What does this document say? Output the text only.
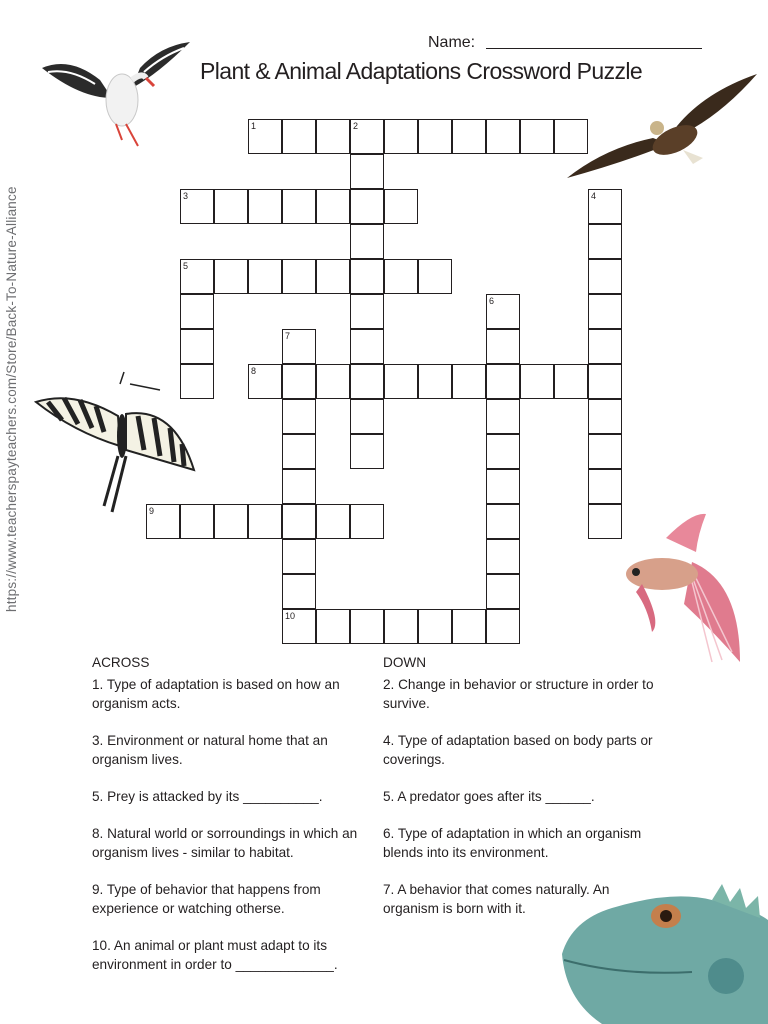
Name:
Plant & Animal Adaptations Crossword Puzzle
https://www.teacherspayteachers.com/Store/Back-To-Nature-Alliance
1	2
3	4
5
6
7
8
9
10
ACROSS
1. Type of adaptation is based on how an organism acts.
3. Environment or natural home that an organism lives.
5. Prey is attacked by its __________.
8. Natural world or sorroundings in which an organism lives - similar to habitat.
9. Type of behavior that happens from experience or watching otherse.
10. An animal or plant must adapt to its environment in order to _____________.
DOWN
2. Change in behavior or structure in order to survive.
4. Type of adaptation based on body parts or coverings.
5. A predator goes after its ______.
6. Type of adaptation in which an organism blends into its environment.
7. A behavior that comes naturally. An organism is born with it.
